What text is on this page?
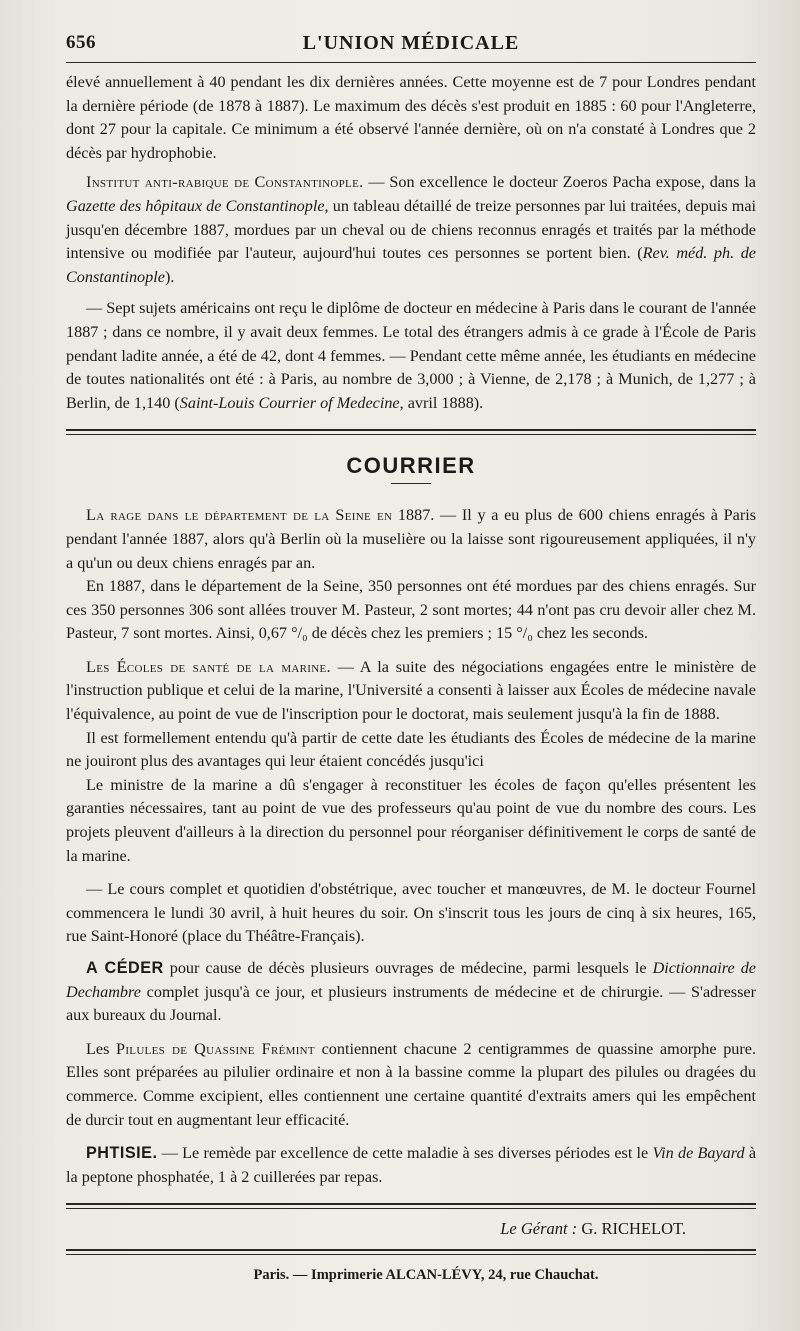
656	L'UNION MÉDICALE

élevé annuellement à 40 pendant les dix dernières années. Cette moyenne est de 7 pour Londres pendant la dernière période (de 1878 à 1887). Le maximum des décès s'est produit en 1885 : 60 pour l'Angleterre, dont 27 pour la capitale. Ce minimum a été observé l'année dernière, où on n'a constaté à Londres que 2 décès par hydrophobie.

Institut anti-rabique de Constantinople. — Son excellence le docteur Zoeros Pacha expose, dans la Gazette des hôpitaux de Constantinople, un tableau détaillé de treize personnes par lui traitées, depuis mai jusqu'en décembre 1887, mordues par un cheval ou de chiens reconnus enragés et traités par la méthode intensive ou modifiée par l'auteur, aujourd'hui toutes ces personnes se portent bien. (Rev. méd. ph. de Constantinople).

— Sept sujets américains ont reçu le diplôme de docteur en médecine à Paris dans le courant de l'année 1887 ; dans ce nombre, il y avait deux femmes. Le total des étrangers admis à ce grade à l'École de Paris pendant ladite année, a été de 42, dont 4 femmes. — Pendant cette même année, les étudiants en médecine de toutes nationalités ont été : à Paris, au nombre de 3,000 ; à Vienne, de 2,178 ; à Munich, de 1,277 ; à Berlin, de 1,140 (Saint-Louis Courrier of Medecine, avril 1888).

COURRIER

La rage dans le département de la Seine en 1887. — Il y a eu plus de 600 chiens enragés à Paris pendant l'année 1887, alors qu'à Berlin où la muselière ou la laisse sont rigoureusement appliquées, il n'y a qu'un ou deux chiens enragés par an.

En 1887, dans le département de la Seine, 350 personnes ont été mordues par des chiens enragés. Sur ces 350 personnes 306 sont allées trouver M. Pasteur, 2 sont mortes; 44 n'ont pas cru devoir aller chez M. Pasteur, 7 sont mortes. Ainsi, 0,67 °/₀ de décès chez les premiers ; 15 °/₀ chez les seconds.

Les Écoles de santé de la marine. — A la suite des négociations engagées entre le ministère de l'instruction publique et celui de la marine, l'Université a consenti à laisser aux Écoles de médecine navale l'équivalence, au point de vue de l'inscription pour le doctorat, mais seulement jusqu'à la fin de 1888.

Il est formellement entendu qu'à partir de cette date les étudiants des Écoles de médecine de la marine ne jouiront plus des avantages qui leur étaient concédés jusqu'ici

Le ministre de la marine a dû s'engager à reconstituer les écoles de façon qu'elles présentent les garanties nécessaires, tant au point de vue des professeurs qu'au point de vue du nombre des cours. Les projets pleuvent d'ailleurs à la direction du personnel pour réorganiser définitivement le corps de santé de la marine.

— Le cours complet et quotidien d'obstétrique, avec toucher et manœuvres, de M. le docteur Fournel commencera le lundi 30 avril, à huit heures du soir. On s'inscrit tous les jours de cinq à six heures, 165, rue Saint-Honoré (place du Théâtre-Français).

A CÉDER pour cause de décès plusieurs ouvrages de médecine, parmi lesquels le Dictionnaire de Dechambre complet jusqu'à ce jour, et plusieurs instruments de médecine et de chirurgie. — S'adresser aux bureaux du Journal.

Les Pilules de Quassine Frémint contiennent chacune 2 centigrammes de quassine amorphe pure. Elles sont préparées au pilulier ordinaire et non à la bassine comme la plupart des pilules ou dragées du commerce. Comme excipient, elles contiennent une certaine quantité d'extraits amers qui les empêchent de durcir tout en augmentant leur efficacité.

PHTISIE. — Le remède par excellence de cette maladie à ses diverses périodes est le Vin de Bayard à la peptone phosphatée, 1 à 2 cuillerées par repas.

Le Gérant : G. RICHELOT.
Paris. — Imprimerie ALCAN-LÉVY, 24, rue Chauchat.
